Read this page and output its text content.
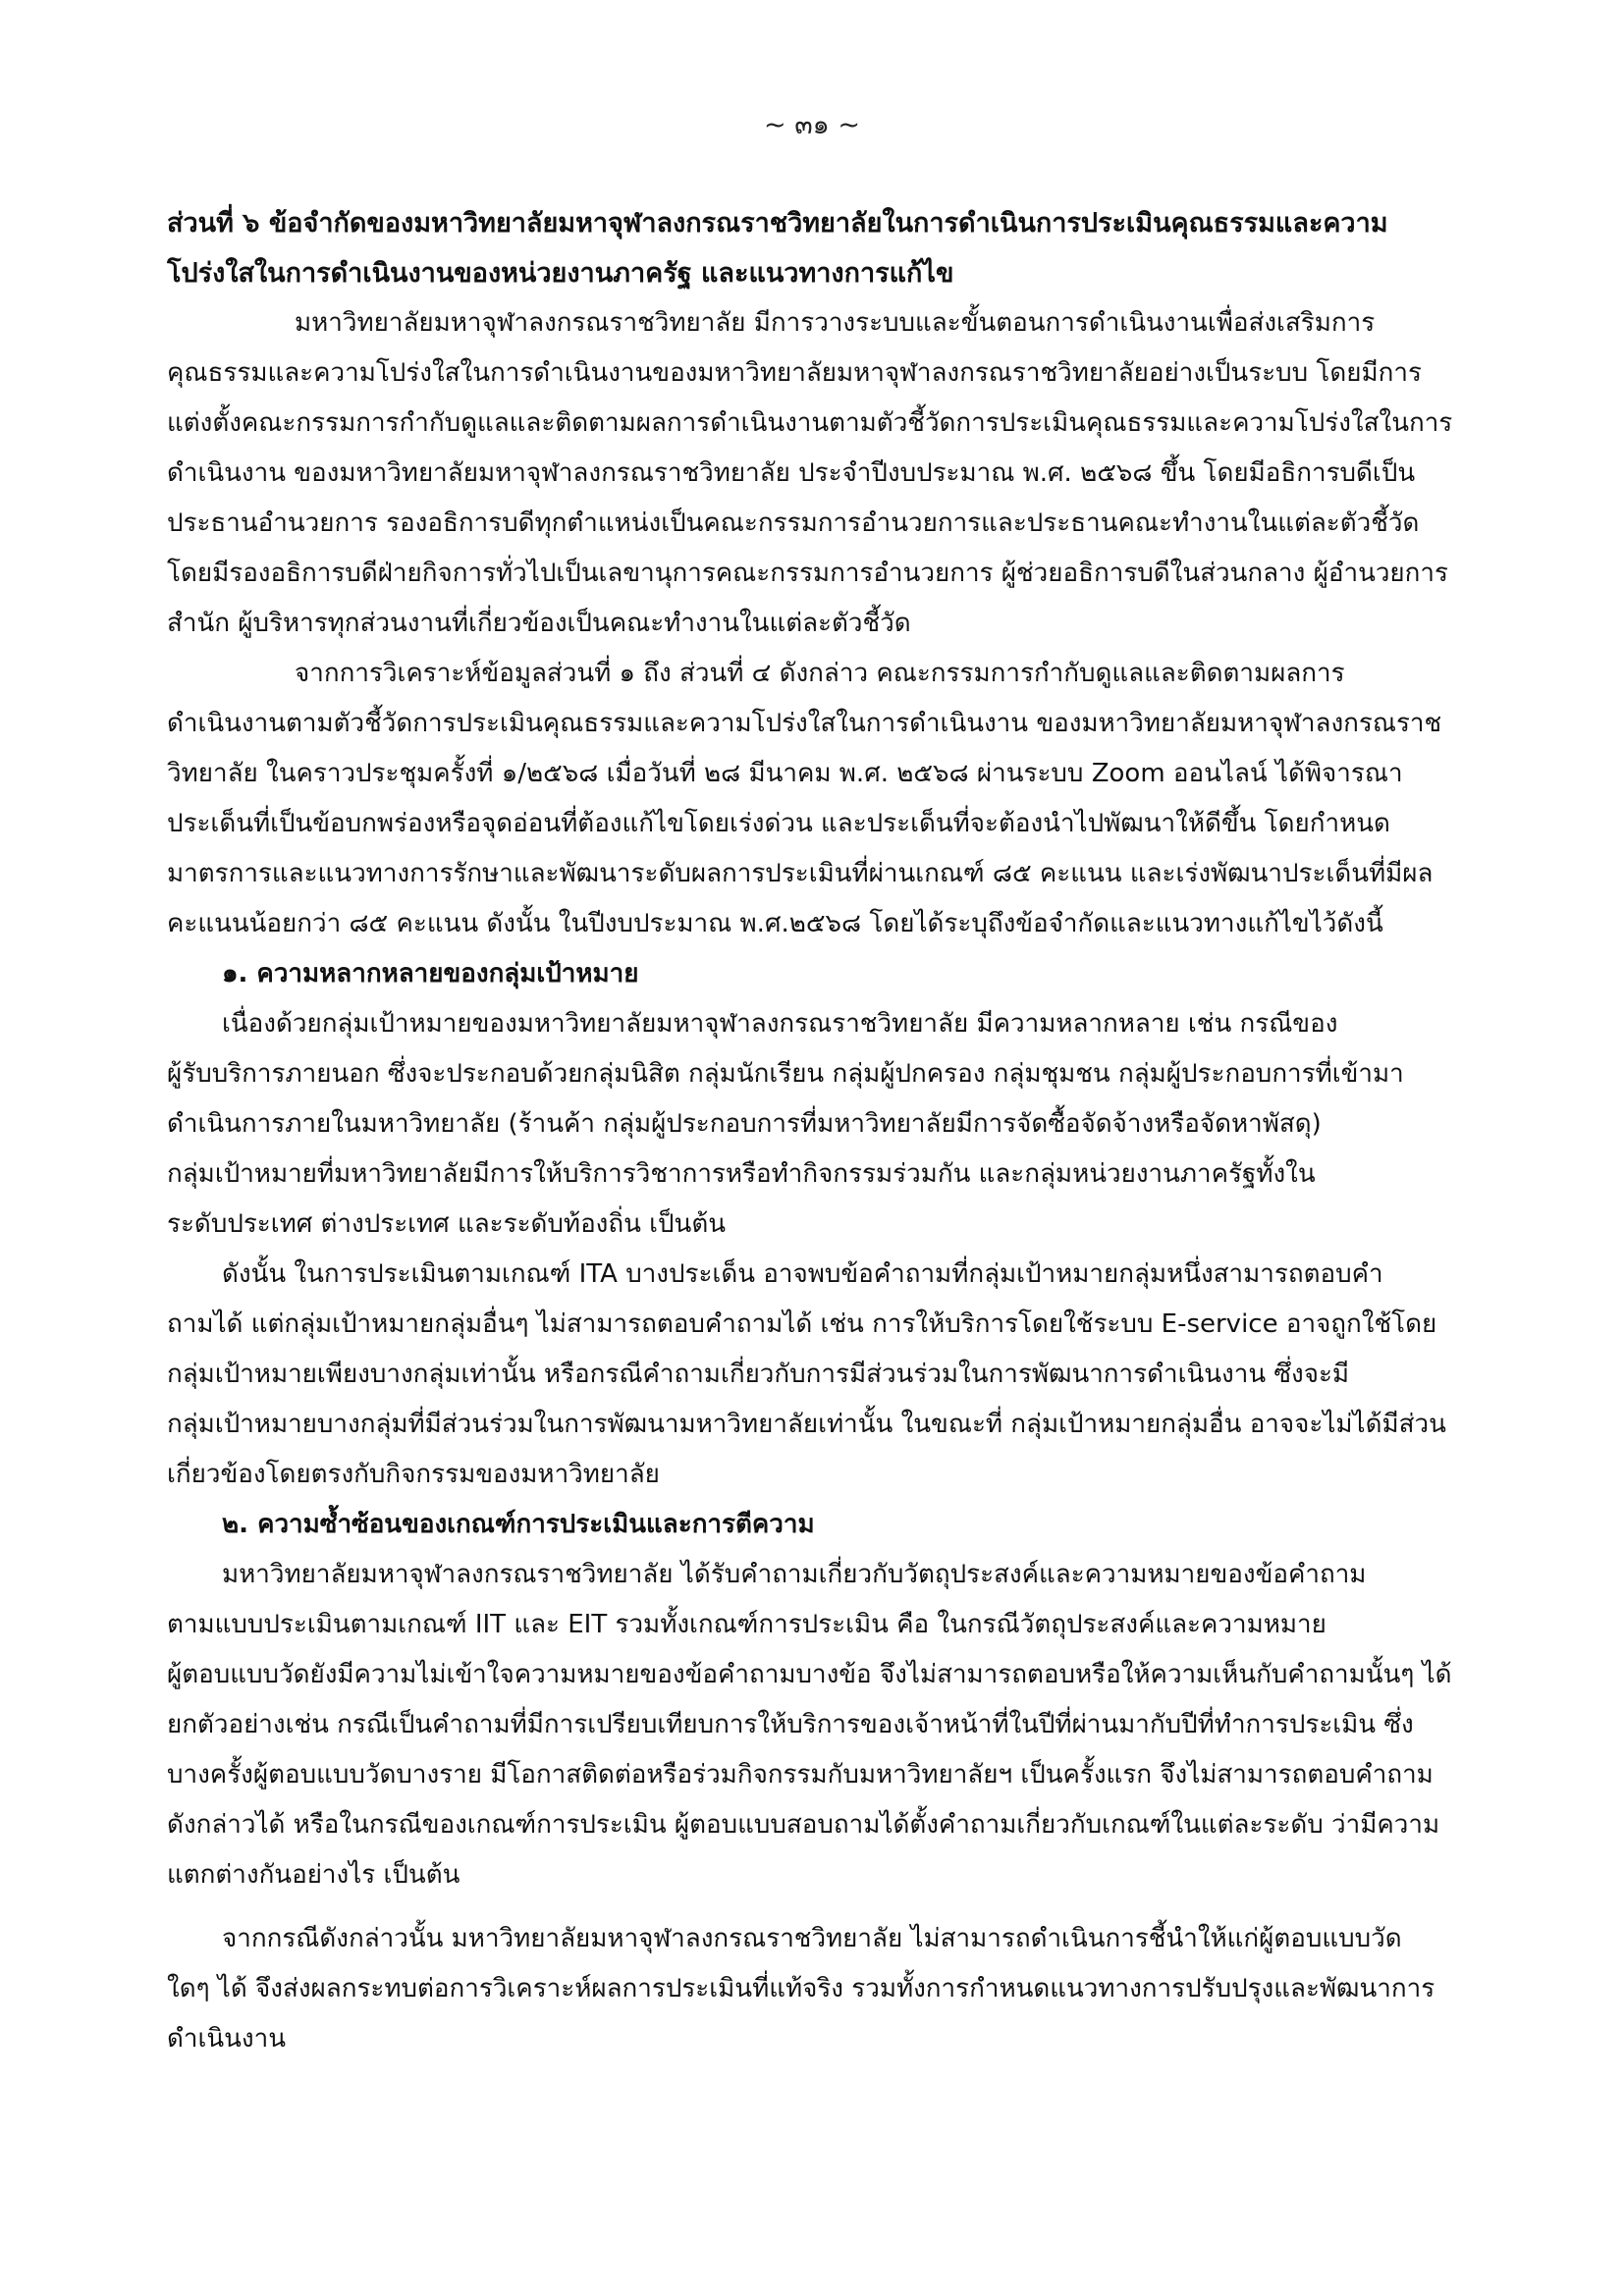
~ ๓๑ ~
ส่วนที่ ๖ ข้อจำกัดของมหาวิทยาลัยมหาจุฬาลงกรณราชวิทยาลัยในการดำเนินการประเมินคุณธรรมและความ
โปร่งใสในการดำเนินงานของหน่วยงานภาครัฐ และแนวทางการแก้ไข
มหาวิทยาลัยมหาจุฬาลงกรณราชวิทยาลัย มีการวางระบบและขั้นตอนการดำเนินงานเพื่อส่งเสริมการ
คุณธรรมและความโปร่งใสในการดำเนินงานของมหาวิทยาลัยมหาจุฬาลงกรณราชวิทยาลัยอย่างเป็นระบบ โดยมีการ
แต่งตั้งคณะกรรมการกำกับดูแลและติดตามผลการดำเนินงานตามตัวชี้วัดการประเมินคุณธรรมและความโปร่งใสในการ
ดำเนินงาน ของมหาวิทยาลัยมหาจุฬาลงกรณราชวิทยาลัย ประจำปีงบประมาณ พ.ศ. ๒๕๖๘ ขึ้น โดยมีอธิการบดีเป็น
ประธานอำนวยการ รองอธิการบดีทุกตำแหน่งเป็นคณะกรรมการอำนวยการและประธานคณะทำงานในแต่ละตัวชี้วัด
โดยมีรองอธิการบดีฝ่ายกิจการทั่วไปเป็นเลขานุการคณะกรรมการอำนวยการ ผู้ช่วยอธิการบดีในส่วนกลาง ผู้อำนวยการ
สำนัก ผู้บริหารทุกส่วนงานที่เกี่ยวข้องเป็นคณะทำงานในแต่ละตัวชี้วัด
จากการวิเคราะห์ข้อมูลส่วนที่ ๑ ถึง ส่วนที่ ๔ ดังกล่าว คณะกรรมการกำกับดูแลและติดตามผลการ
ดำเนินงานตามตัวชี้วัดการประเมินคุณธรรมและความโปร่งใสในการดำเนินงาน ของมหาวิทยาลัยมหาจุฬาลงกรณราช
วิทยาลัย ในคราวประชุมครั้งที่ ๑/๒๕๖๘ เมื่อวันที่ ๒๘ มีนาคม พ.ศ. ๒๕๖๘ ผ่านระบบ Zoom ออนไลน์ ได้พิจารณา
ประเด็นที่เป็นข้อบกพร่องหรือจุดอ่อนที่ต้องแก้ไขโดยเร่งด่วน และประเด็นที่จะต้องนำไปพัฒนาให้ดีขึ้น โดยกำหนด
มาตรการและแนวทางการรักษาและพัฒนาระดับผลการประเมินที่ผ่านเกณฑ์ ๘๕ คะแนน และเร่งพัฒนาประเด็นที่มีผล
คะแนนน้อยกว่า ๘๕ คะแนน ดังนั้น ในปีงบประมาณ พ.ศ.๒๕๖๘ โดยได้ระบุถึงข้อจำกัดและแนวทางแก้ไขไว้ดังนี้
๑. ความหลากหลายของกลุ่มเป้าหมาย
เนื่องด้วยกลุ่มเป้าหมายของมหาวิทยาลัยมหาจุฬาลงกรณราชวิทยาลัย มีความหลากหลาย เช่น กรณีของ
ผู้รับบริการภายนอก ซึ่งจะประกอบด้วยกลุ่มนิสิต กลุ่มนักเรียน กลุ่มผู้ปกครอง กลุ่มชุมชน กลุ่มผู้ประกอบการที่เข้ามา
ดำเนินการภายในมหาวิทยาลัย (ร้านค้า กลุ่มผู้ประกอบการที่มหาวิทยาลัยมีการจัดซื้อจัดจ้างหรือจัดหาพัสดุ)
กลุ่มเป้าหมายที่มหาวิทยาลัยมีการให้บริการวิชาการหรือทำกิจกรรมร่วมกัน และกลุ่มหน่วยงานภาครัฐทั้งใน
ระดับประเทศ ต่างประเทศ และระดับท้องถิ่น เป็นต้น
ดังนั้น ในการประเมินตามเกณฑ์ ITA บางประเด็น อาจพบข้อคำถามที่กลุ่มเป้าหมายกลุ่มหนึ่งสามารถตอบคำ
ถามได้ แต่กลุ่มเป้าหมายกลุ่มอื่นๆ ไม่สามารถตอบคำถามได้ เช่น การให้บริการโดยใช้ระบบ E-service อาจถูกใช้โดย
กลุ่มเป้าหมายเพียงบางกลุ่มเท่านั้น หรือกรณีคำถามเกี่ยวกับการมีส่วนร่วมในการพัฒนาการดำเนินงาน ซึ่งจะมี
กลุ่มเป้าหมายบางกลุ่มที่มีส่วนร่วมในการพัฒนามหาวิทยาลัยเท่านั้น ในขณะที่ กลุ่มเป้าหมายกลุ่มอื่น อาจจะไม่ได้มีส่วน
เกี่ยวข้องโดยตรงกับกิจกรรมของมหาวิทยาลัย
๒. ความซ้ำซ้อนของเกณฑ์การประเมินและการตีความ
มหาวิทยาลัยมหาจุฬาลงกรณราชวิทยาลัย ได้รับคำถามเกี่ยวกับวัตถุประสงค์และความหมายของข้อคำถาม
ตามแบบประเมินตามเกณฑ์ IIT และ EIT รวมทั้งเกณฑ์การประเมิน คือ ในกรณีวัตถุประสงค์และความหมาย
ผู้ตอบแบบวัดยังมีความไม่เข้าใจความหมายของข้อคำถามบางข้อ จึงไม่สามารถตอบหรือให้ความเห็นกับคำถามนั้นๆ ได้
ยกตัวอย่างเช่น กรณีเป็นคำถามที่มีการเปรียบเทียบการให้บริการของเจ้าหน้าที่ในปีที่ผ่านมากับปีที่ทำการประเมิน ซึ่ง
บางครั้งผู้ตอบแบบวัดบางราย มีโอกาสติดต่อหรือร่วมกิจกรรมกับมหาวิทยาลัยฯ เป็นครั้งแรก จึงไม่สามารถตอบคำถาม
ดังกล่าวได้ หรือในกรณีของเกณฑ์การประเมิน ผู้ตอบแบบสอบถามได้ตั้งคำถามเกี่ยวกับเกณฑ์ในแต่ละระดับ ว่ามีความ
แตกต่างกันอย่างไร เป็นต้น
จากกรณีดังกล่าวนั้น มหาวิทยาลัยมหาจุฬาลงกรณราชวิทยาลัย ไม่สามารถดำเนินการชี้นำให้แก่ผู้ตอบแบบวัด
ใดๆ ได้ จึงส่งผลกระทบต่อการวิเคราะห์ผลการประเมินที่แท้จริง รวมทั้งการกำหนดแนวทางการปรับปรุงและพัฒนาการ
ดำเนินงาน
